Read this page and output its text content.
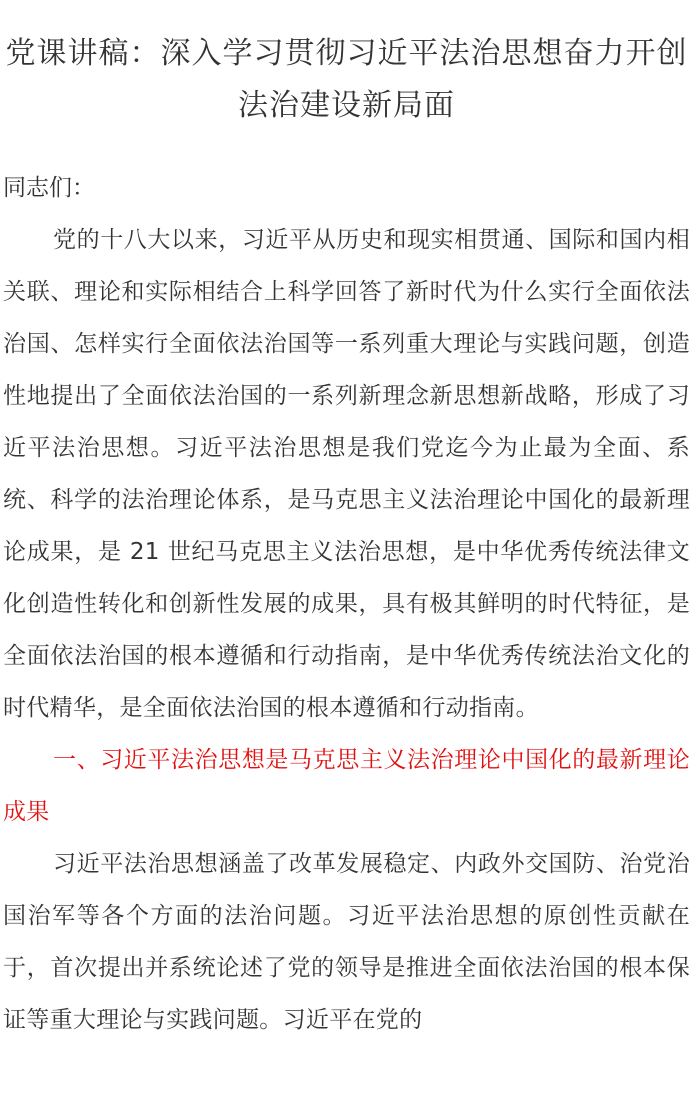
党课讲稿：深入学习贯彻习近平法治思想奋力开创法治建设新局面
同志们：

党的十八大以来，习近平从历史和现实相贯通、国际和国内相关联、理论和实际相结合上科学回答了新时代为什么实行全面依法治国、怎样实行全面依法治国等一系列重大理论与实践问题，创造性地提出了全面依法治国的一系列新理念新思想新战略，形成了习近平法治思想。习近平法治思想是我们党迄今为止最为全面、系统、科学的法治理论体系，是马克思主义法治理论中国化的最新理论成果，是 21 世纪马克思主义法治思想，是中华优秀传统法律文化创造性转化和创新性发展的成果，具有极其鲜明的时代特征，是全面依法治国的根本遵循和行动指南，是中华优秀传统法治文化的时代精华，是全面依法治国的根本遵循和行动指南。

一、习近平法治思想是马克思主义法治理论中国化的最新理论成果

习近平法治思想涵盖了改革发展稳定、内政外交国防、治党治国治军等各个方面的法治问题。习近平法治思想的原创性贡献在于，首次提出并系统论述了党的领导是推进全面依法治国的根本保证等重大理论与实践问题。习近平在党的
